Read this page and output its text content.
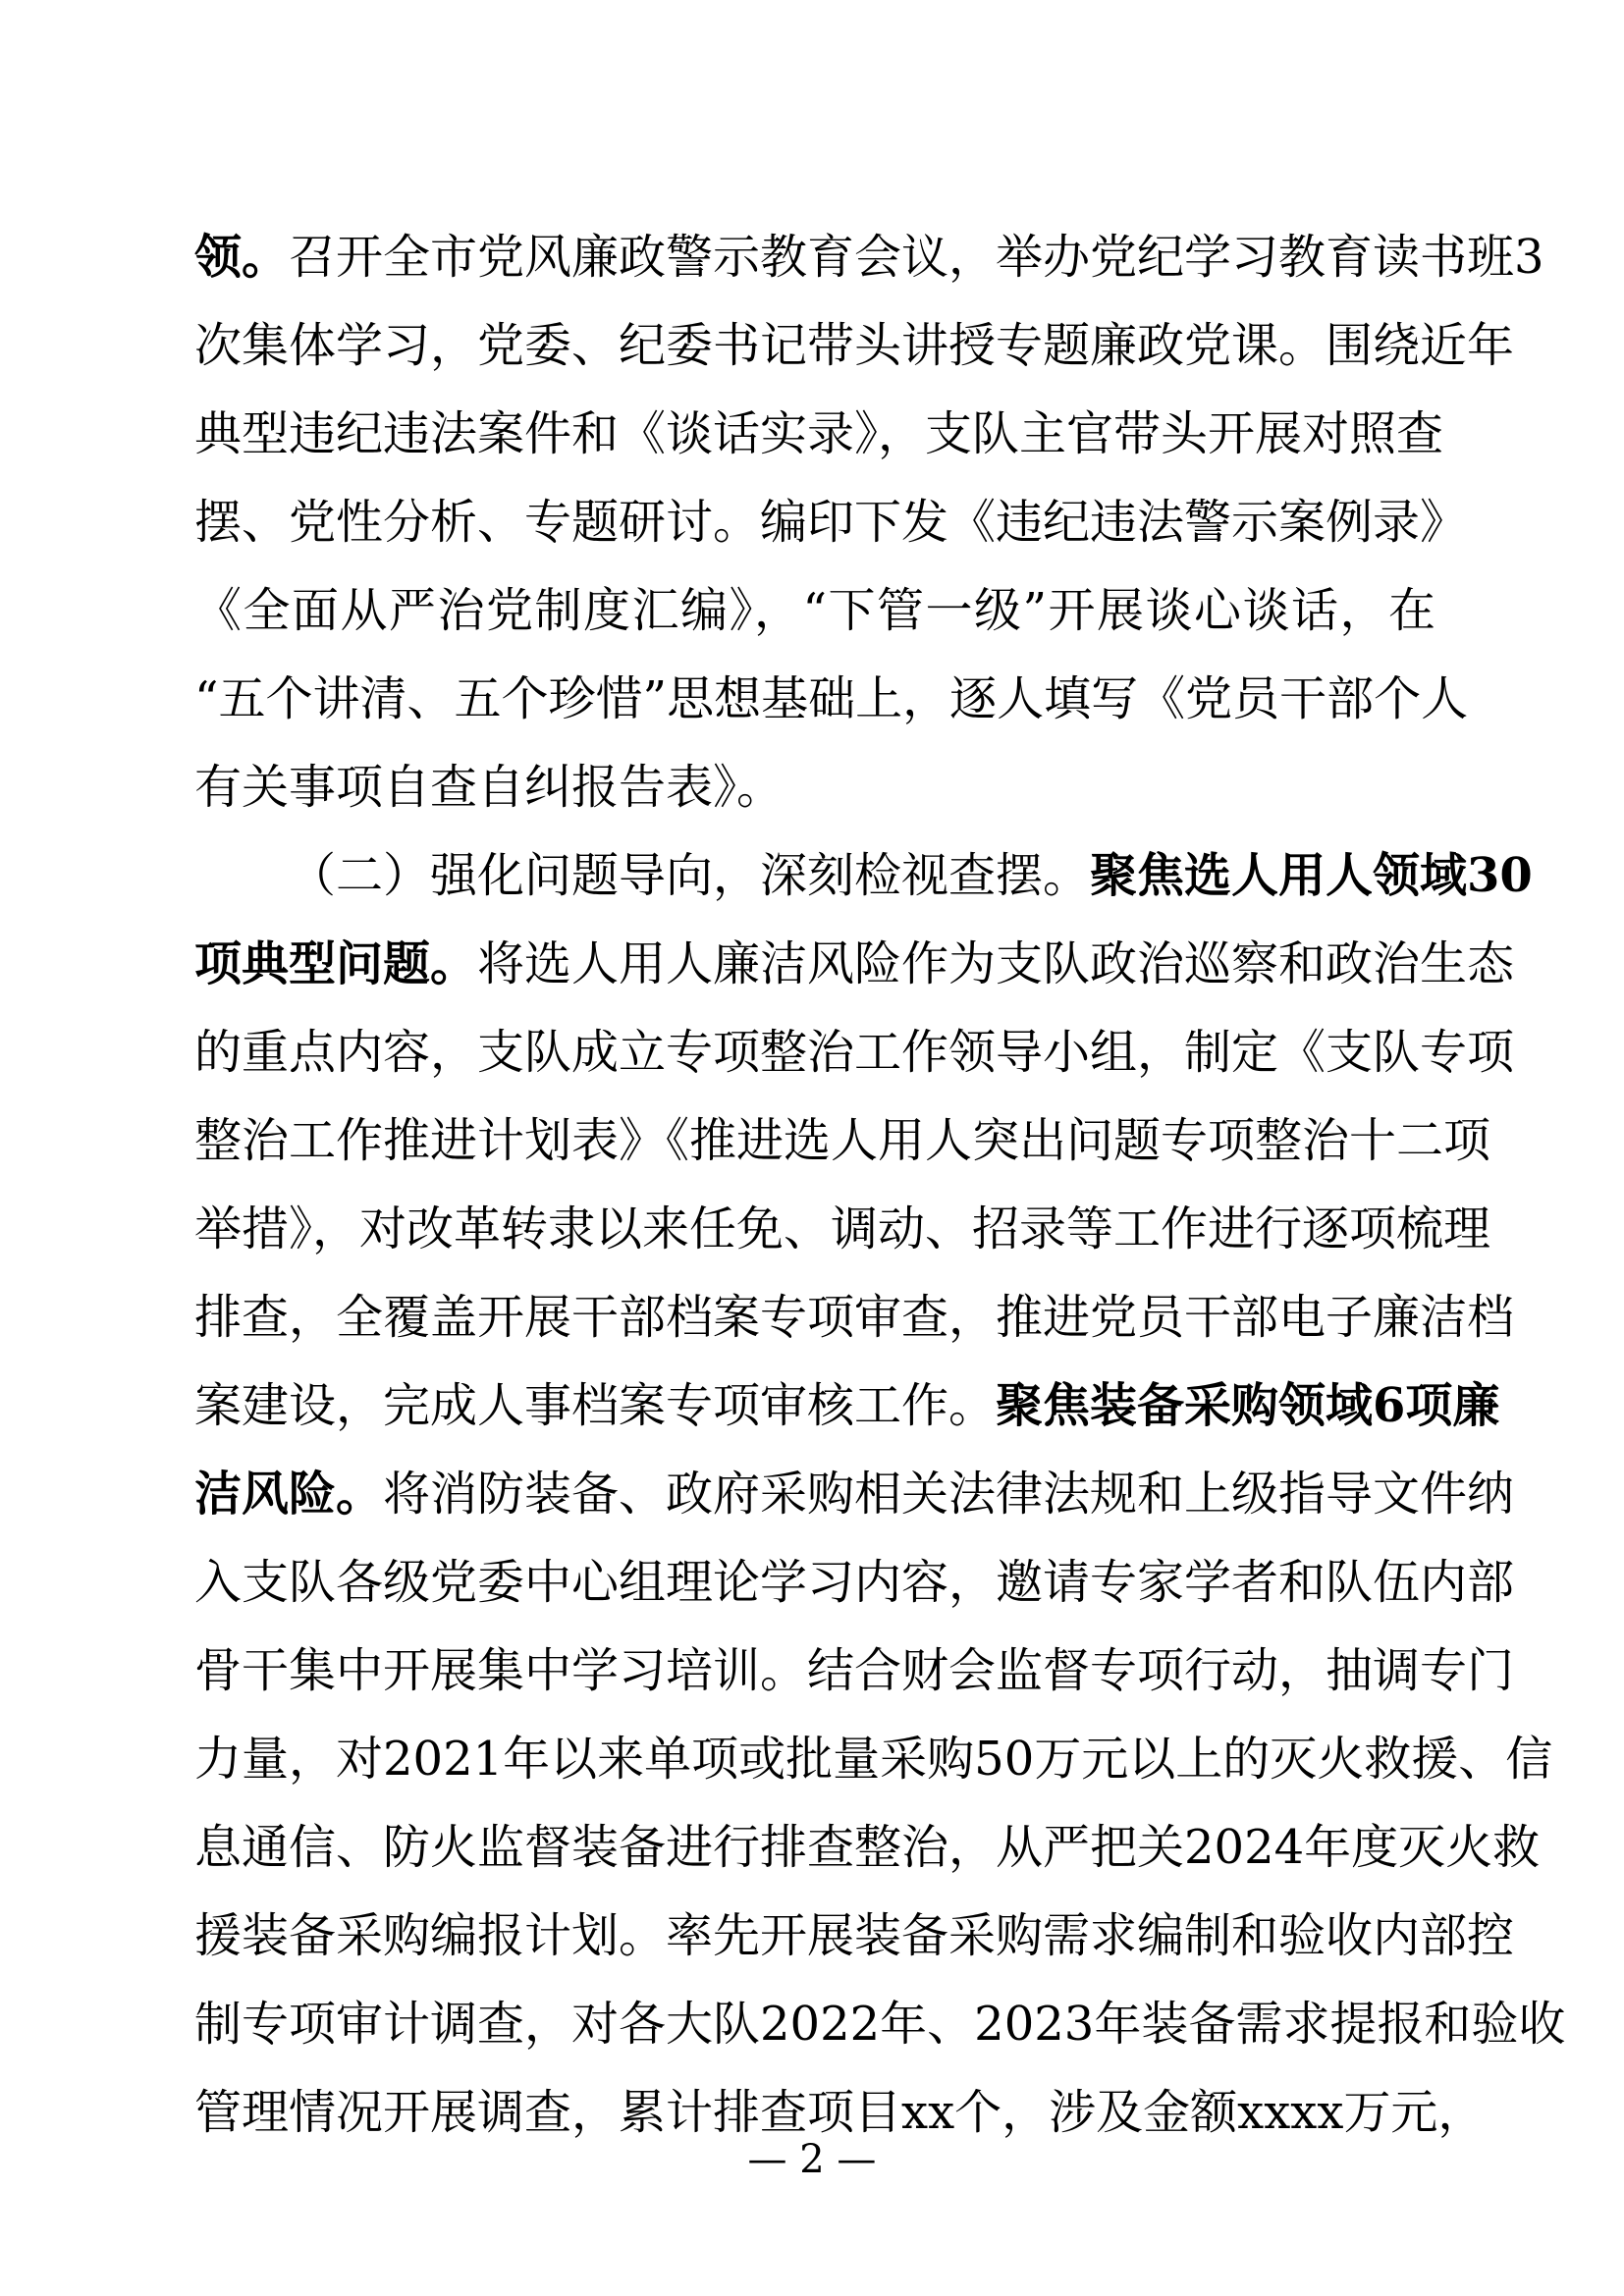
领。召开全市党风廉政警示教育会议，举办党纪学习教育读书班3
次集体学习，党委、纪委书记带头讲授专题廉政党课。围绕近年
典型违纪违法案件和《谈话实录》，支队主官带头开展对照查
摆、党性分析、专题研讨。编印下发《违纪违法警示案例录》
《全面从严治党制度汇编》，“下管一级”开展谈心谈话，在
“五个讲清、五个珍惜”思想基础上，逐人填写《党员干部个人
有关事项自查自纠报告表》。
（二）强化问题导向，深刻检视查摆。聚焦选人用人领域30
项典型问题。将选人用人廉洁风险作为支队政治巡察和政治生态
的重点内容，支队成立专项整治工作领导小组，制定《支队专项
整治工作推进计划表》《推进选人用人突出问题专项整治十二项
举措》，对改革转隶以来任免、调动、招录等工作进行逐项梳理
排查，全覆盖开展干部档案专项审查，推进党员干部电子廉洁档
案建设，完成人事档案专项审核工作。聚焦装备采购领域6项廉
洁风险。将消防装备、政府采购相关法律法规和上级指导文件纳
入支队各级党委中心组理论学习内容，邀请专家学者和队伍内部
骨干集中开展集中学习培训。结合财会监督专项行动，抽调专门
力量，对2021年以来单项或批量采购50万元以上的灭火救援、信
息通信、防火监督装备进行排查整治，从严把关2024年度灭火救
援装备采购编报计划。率先开展装备采购需求编制和验收内部控
制专项审计调查，对各大队2022年、2023年装备需求提报和验收
管理情况开展调查，累计排查项目xx个，涉及金额xxxx万元，
— 2 —
